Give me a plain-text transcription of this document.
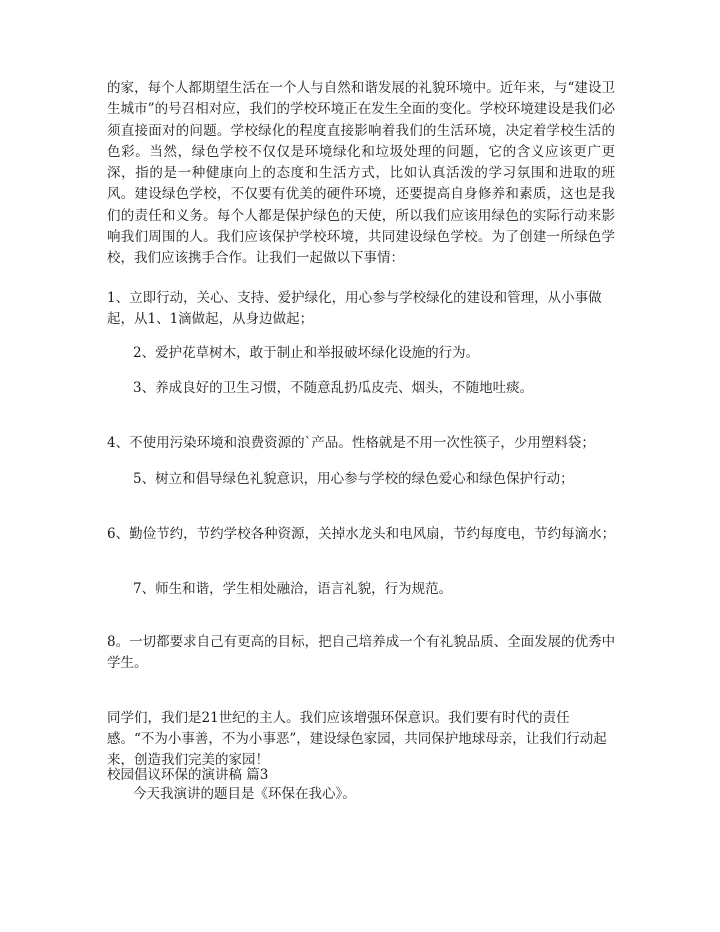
的家，每个人都期望生活在一个人与自然和谐发展的礼貌环境中。近年来，与“建设卫生城市”的号召相对应，我们的学校环境正在发生全面的变化。学校环境建设是我们必须直接面对的问题。学校绿化的程度直接影响着我们的生活环境，决定着学校生活的色彩。当然，绿色学校不仅仅是环境绿化和垃圾处理的问题，它的含义应该更广更深，指的是一种健康向上的态度和生活方式，比如认真活泼的学习氛围和进取的班风。建设绿色学校，不仅要有优美的硬件环境，还要提高自身修养和素质，这也是我们的责任和义务。每个人都是保护绿色的天使，所以我们应该用绿色的实际行动来影响我们周围的人。我们应该保护学校环境，共同建设绿色学校。为了创建一所绿色学校，我们应该携手合作。让我们一起做以下事情：

1、立即行动，关心、支持、爱护绿化，用心参与学校绿化的建设和管理，从小事做起，从1、1滴做起，从身边做起；

2、爱护花草树木，敢于制止和举报破坏绿化设施的行为。

3、养成良好的卫生习惯，不随意乱扔瓜皮壳、烟头，不随地吐痰。

4、不使用污染环境和浪费资源的`产品。性格就是不用一次性筷子，少用塑料袋；

5、树立和倡导绿色礼貌意识，用心参与学校的绿色爱心和绿色保护行动；

6、勤俭节约，节约学校各种资源，关掉水龙头和电风扇，节约每度电，节约每滴水；

7、师生和谐，学生相处融洽，语言礼貌，行为规范。

8。一切都要求自己有更高的目标，把自己培养成一个有礼貌品质、全面发展的优秀中学生。

同学们，我们是21世纪的主人。我们应该增强环保意识。我们要有时代的责任感。“不为小事善，不为小事恶”，建设绿色家园，共同保护地球母亲，让我们行动起来，创造我们完美的家园！

校园倡议环保的演讲稿 篇3

今天我演讲的题目是《环保在我心》。
